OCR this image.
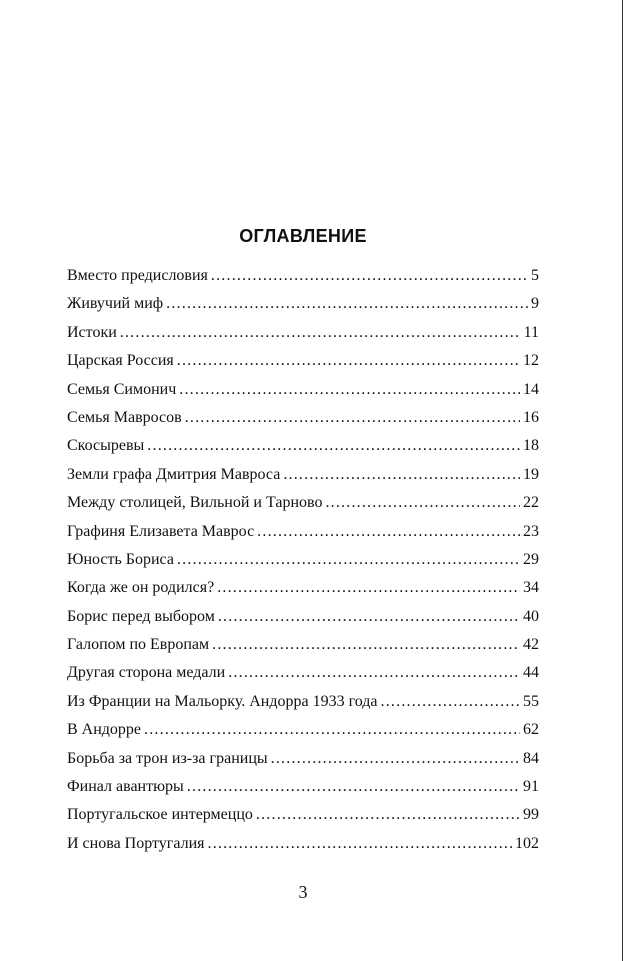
ОГЛАВЛЕНИЕ
Вместо предисловия . . .	5
Живучий миф . . .	9
Истоки . . .	11
Царская Россия . . .	12
Семья Симонич . . .	14
Семья Мавросов . . .	16
Скосыревы . . .	18
Земли графа Дмитрия Мавроса . . .	19
Между столицей, Вильной и Тарново . . .	22
Графиня Елизавета Маврос . . .	23
Юность Бориса . . .	29
Когда же он родился? . . .	34
Борис перед выбором . . .	40
Галопом по Европам . . .	42
Другая сторона медали . . .	44
Из Франции на Мальорку. Андорра 1933 года . . .	55
В Андорре . . .	62
Борьба за трон из-за границы . . .	84
Финал авантюры . . .	91
Португальское интермеццо . . .	99
И снова Португалия . . .	102
3
